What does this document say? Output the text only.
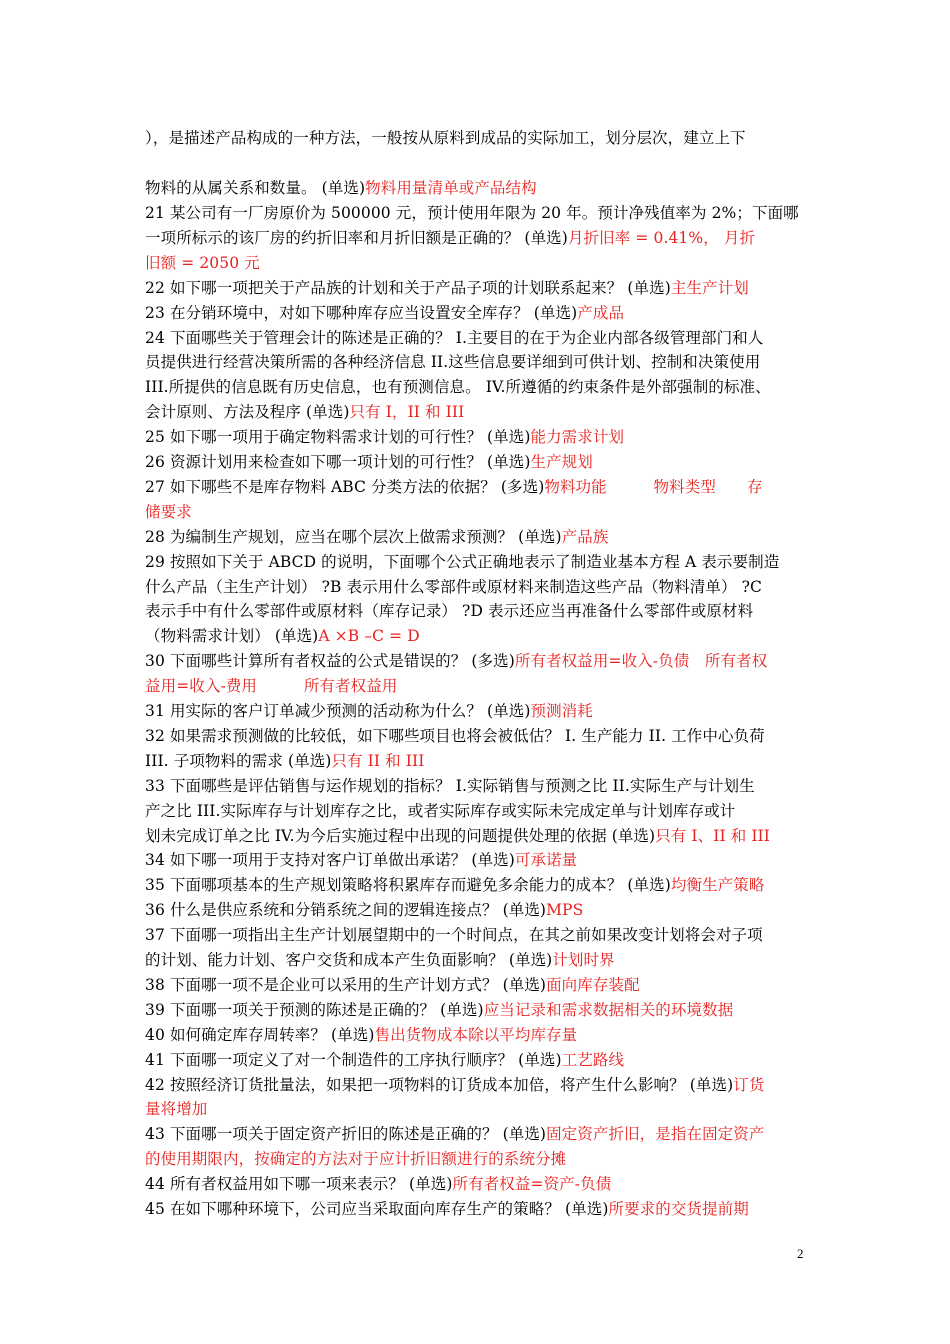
），是描述产品构成的一种方法，一般按从原料到成品的实际加工，划分层次，建立上下
物料的从属关系和数量。 (单选)物料用量清单或产品结构
21 某公司有一厂房原价为 500000 元，预计使用年限为 20 年。预计净残值率为 2%；下面哪
一项所标示的该厂房的约折旧率和月折旧额是正确的？ (单选)月折旧率 = 0.41%， 月折
旧额 = 2050 元
22 如下哪一项把关于产品族的计划和关于产品子项的计划联系起来？ (单选)主生产计划
23 在分销环境中，对如下哪种库存应当设置安全库存？ (单选)产成品
24 下面哪些关于管理会计的陈述是正确的？ I.主要目的在于为企业内部各级管理部门和人
员提供进行经营决策所需的各种经济信息 II.这些信息要详细到可供计划、控制和决策使用
III.所提供的信息既有历史信息，也有预测信息。 IV.所遵循的约束条件是外部强制的标准、
会计原则、方法及程序 (单选)只有 I，II 和 III
25 如下哪一项用于确定物料需求计划的可行性？ (单选)能力需求计划
26 资源计划用来检查如下哪一项计划的可行性？ (单选)生产规划
27 如下哪些不是库存物料 ABC 分类方法的依据？ (多选)物料功能　　　物料类型　　存
储要求
28 为编制生产规划，应当在哪个层次上做需求预测？ (单选)产品族
29 按照如下关于 ABCD 的说明，下面哪个公式正确地表示了制造业基本方程 A 表示要制造
什么产品（主生产计划） ?B 表示用什么零部件或原材料来制造这些产品（物料清单） ?C
表示手中有什么零部件或原材料（库存记录） ?D 表示还应当再准备什么零部件或原材料
（物料需求计划） (单选)A ×B –C = D
30 下面哪些计算所有者权益的公式是错误的？ (多选)所有者权益用=收入-负债　所有者权
益用=收入-费用　　　所有者权益用
31 用实际的客户订单减少预测的活动称为什么？ (单选)预测消耗
32 如果需求预测做的比较低，如下哪些项目也将会被低估？ I. 生产能力 II. 工作中心负荷
III. 子项物料的需求 (单选)只有 II 和 III
33 下面哪些是评估销售与运作规划的指标？ I.实际销售与预测之比 II.实际生产与计划生
产之比 III.实际库存与计划库存之比，或者实际库存或实际未完成定单与计划库存或计
划未完成订单之比 IV.为今后实施过程中出现的问题提供处理的依据 (单选)只有 I、II 和 III
34 如下哪一项用于支持对客户订单做出承诺？ (单选)可承诺量
35 下面哪项基本的生产规划策略将积累库存而避免多余能力的成本？ (单选)均衡生产策略
36 什么是供应系统和分销系统之间的逻辑连接点？ (单选)MPS
37 下面哪一项指出主生产计划展望期中的一个时间点，在其之前如果改变计划将会对子项
的计划、能力计划、客户交货和成本产生负面影响？ (单选)计划时界
38 下面哪一项不是企业可以采用的生产计划方式？ (单选)面向库存装配
39 下面哪一项关于预测的陈述是正确的？ (单选)应当记录和需求数据相关的环境数据
40 如何确定库存周转率？ (单选)售出货物成本除以平均库存量
41 下面哪一项定义了对一个制造件的工序执行顺序？ (单选)工艺路线
42 按照经济订货批量法，如果把一项物料的订货成本加倍，将产生什么影响？ (单选)订货
量将增加
43 下面哪一项关于固定资产折旧的陈述是正确的？ (单选)固定资产折旧，是指在固定资产
的使用期限内，按确定的方法对于应计折旧额进行的系统分摊
44 所有者权益用如下哪一项来表示？ (单选)所有者权益=资产-负债
45 在如下哪种环境下，公司应当采取面向库存生产的策略？ (单选)所要求的交货提前期
2
